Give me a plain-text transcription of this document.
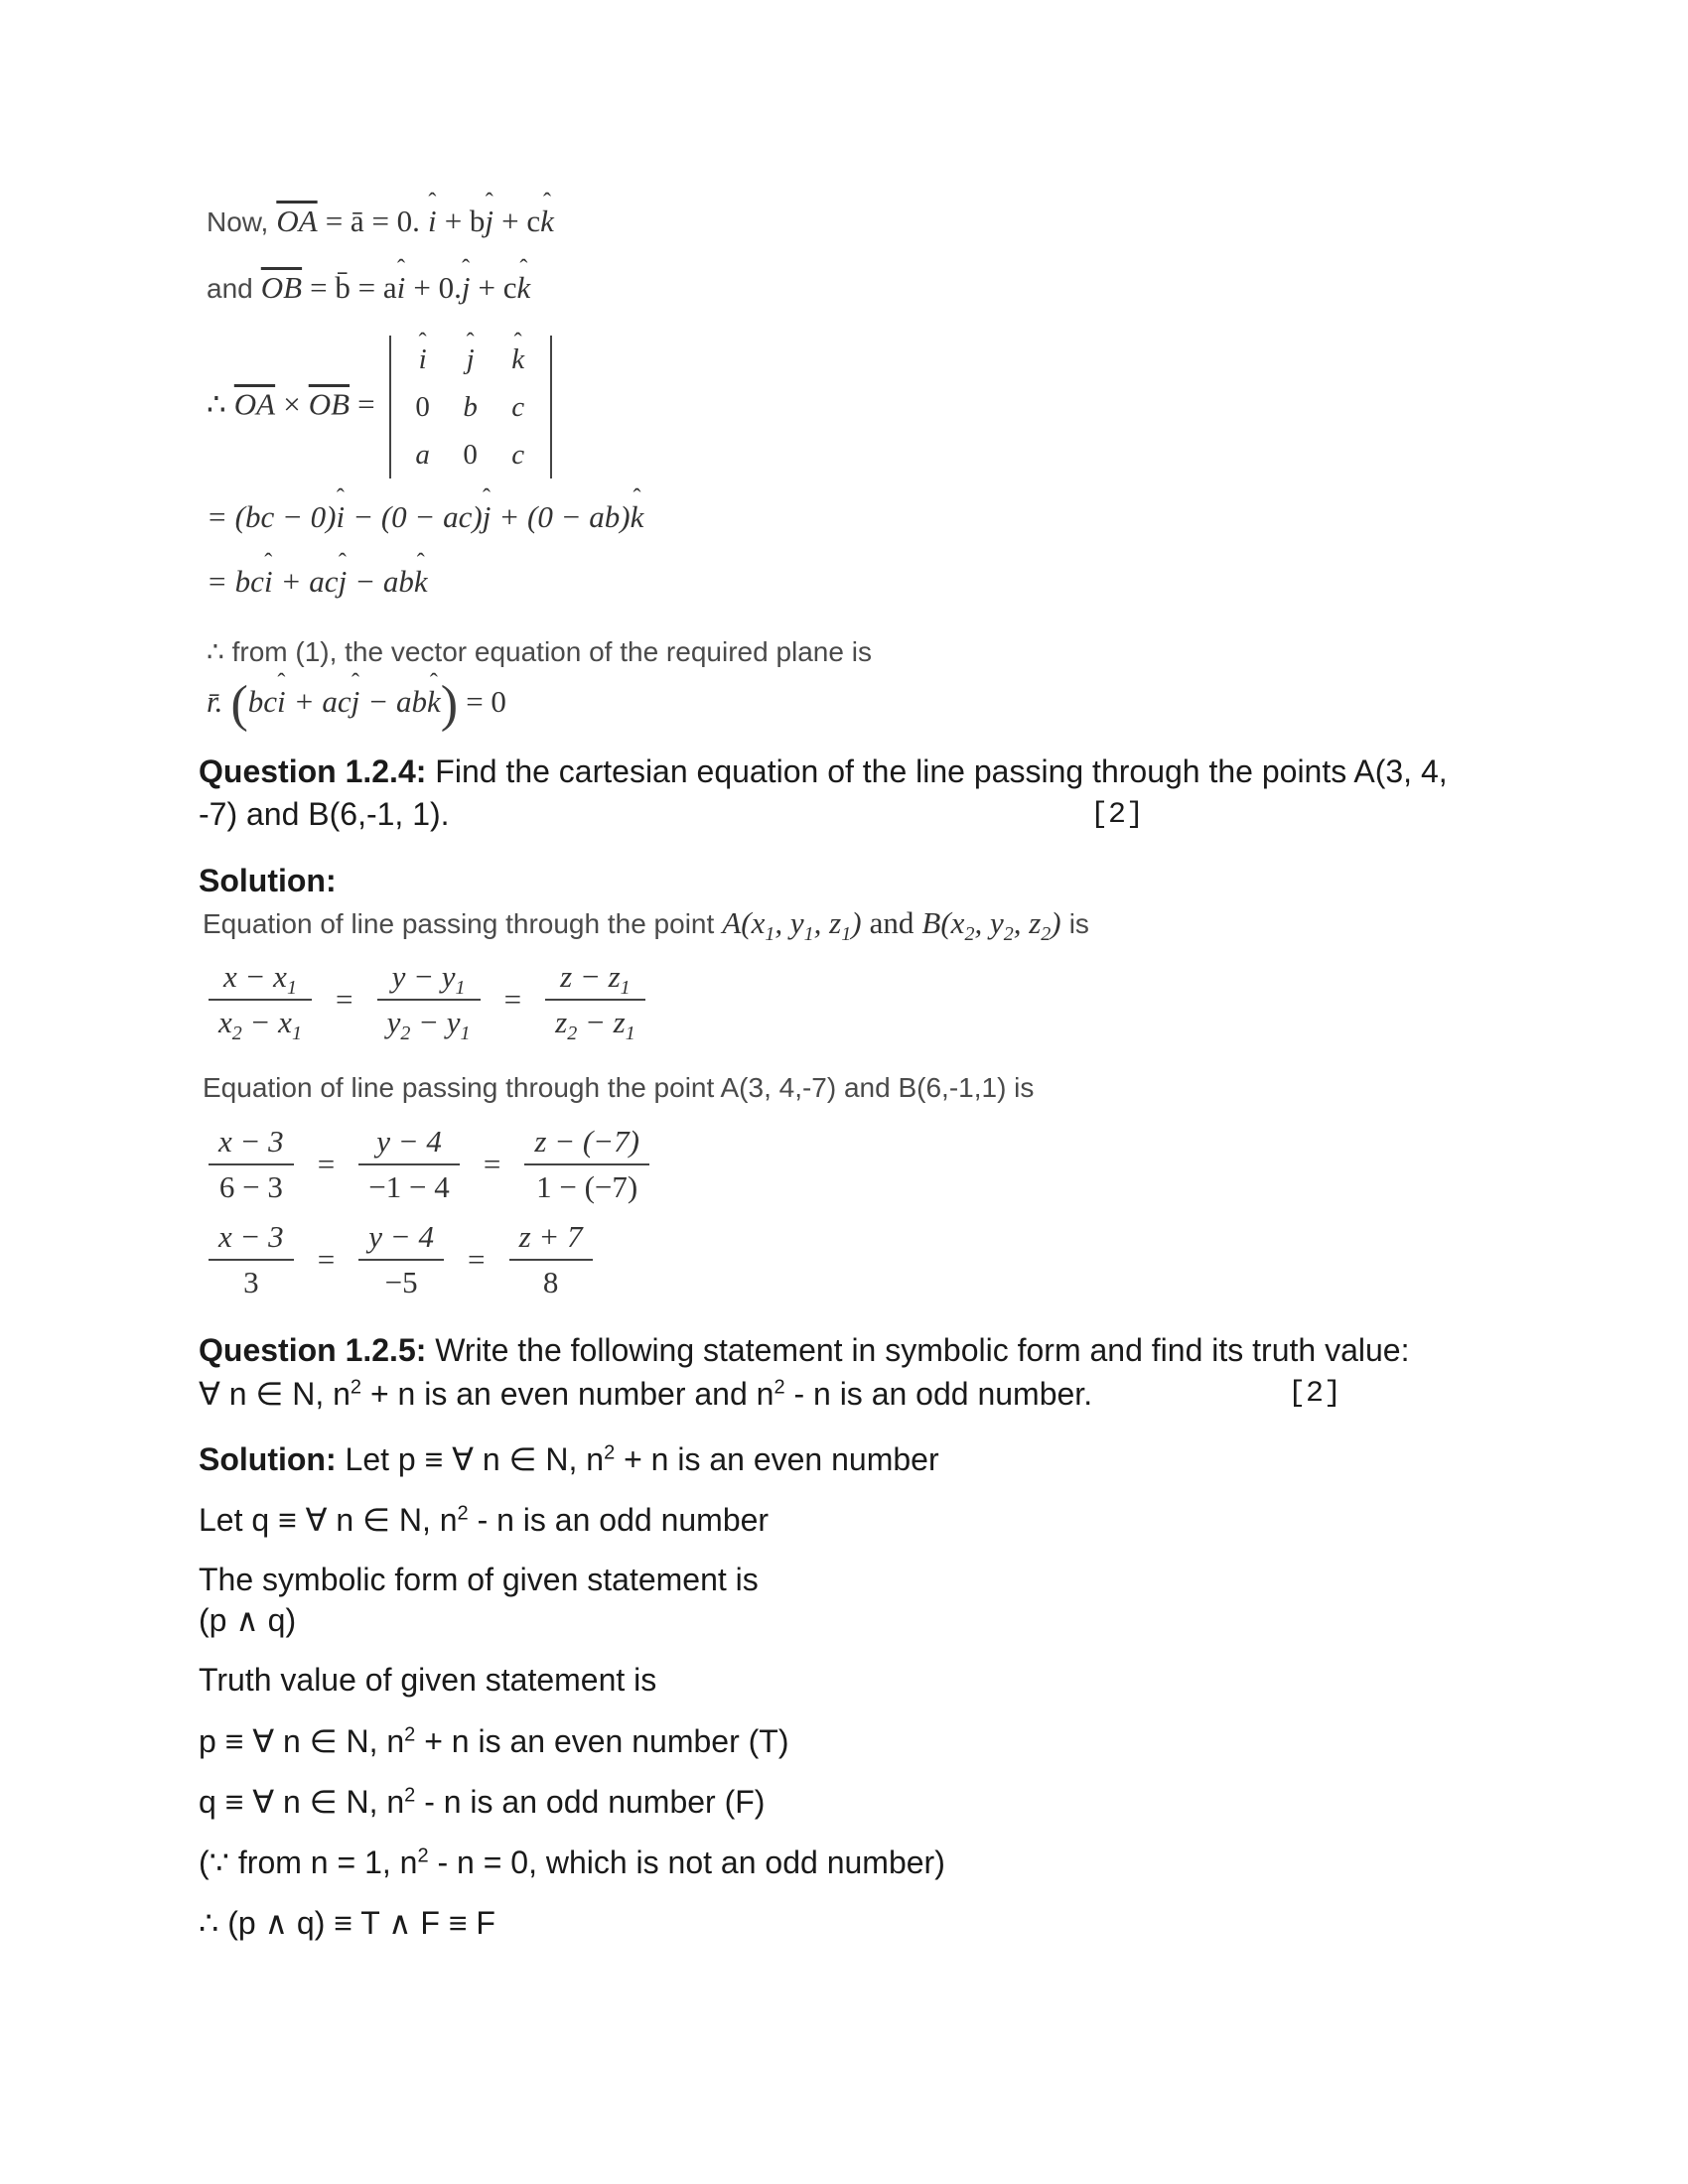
Now, $\overline{OA}$ = ā = 0. i ˆ + bj ˆ + ck ˆ
and $\overline{OB}$ = b̄ = ai ˆ + 0.j ˆ + ck ˆ
∴ $\overline{OA} \times \overline{OB}$ =
i ˆ	j ˆ	k ˆ
0	b	c
a	0	c
= (bc − 0)i ˆ − (0 − ac)j ˆ + (0 − ab)k ˆ
= bci ˆ + acj ˆ − abk ˆ
∴ from (1), the vector equation of the required plane is
r̄. (bci ˆ + acj ˆ − abk ˆ) = 0
Question 1.2.4: Find the cartesian equation of the line passing through the points A(3, 4,
-7) and B(6,-1, 1).	[2]
Solution:
Equation of line passing through the point $A(x_1$, $y_1$, $z_1$) and $B(x_2$, $y_2$, $z_2$) is
$\frac{x - x_1}{x_2 - x_1} = \frac{y - y_1}{y_2 - y_1} = \frac{z - z_1}{z_2 - z_1}$
Equation of line passing through the point A(3, 4,-7) and B(6,-1,1) is
$\frac{x - 3}{6 - 3} = \frac{y - 4}{-1 - 4} = \frac{z - (-7)}{1 - (-7)}$
$\frac{x - 3}{3} = \frac{y - 4}{-5} = \frac{z + 7}{8}$
Question 1.2.5: Write the following statement in symbolic form and find its truth value:
∀ n ∈ N, $n^2 + n$ is an even number and $n^2$ - n is an odd number.	[2]
Solution: Let p ≡ ∀ n ∈ N, $n^2 + n$ is an even number
Let q ≡ ∀ n ∈ N, $n^2$ - n is an odd number
The symbolic form of given statement is
(p ∧ q)
Truth value of given statement is
p ≡ ∀ n ∈ N, $n^2 + n$ is an even number (T)
q ≡ ∀ n ∈ N, $n^2$ - n is an odd number (F)
(∵ from n = 1, $n^2 - n = 0$, which is not an odd number)
∴ (p ∧ q) ≡ T ∧ F ≡ F
